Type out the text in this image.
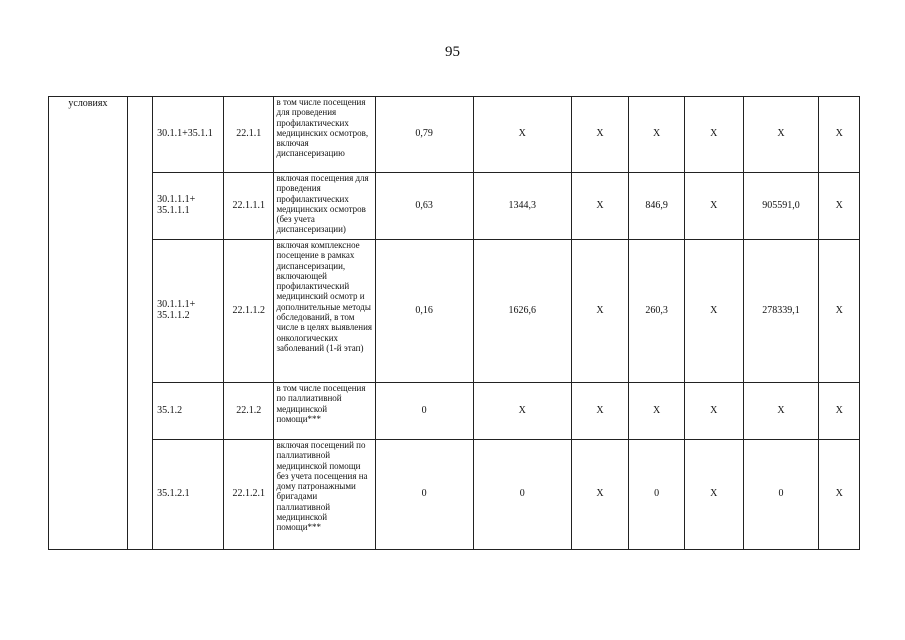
95
условиях		30.1.1+35.1.1	22.1.1	в том числе посещения для проведения профилактических медицинских осмотров, включая диспансеризацию	0,79	X	X	X	X	X	X
		30.1.1.1+ 35.1.1.1	22.1.1.1	включая посещения для проведения профилактических медицинских осмотров (без учета диспансеризации)	0,63	1344,3	X	846,9	X	905591,0	X
		30.1.1.1+ 35.1.1.2	22.1.1.2	включая комплексное посещение в рамках диспансеризации, включающей профилактический медицинский осмотр и дополнительные методы обследований, в том числе в целях выявления онкологических заболеваний (1-й этап)	0,16	1626,6	X	260,3	X	278339,1	X
		35.1.2	22.1.2	в том числе посещения по паллиативной медицинской помощи***	0	X	X	X	X	X	X
		35.1.2.1	22.1.2.1	включая посещений по паллиативной медицинской помощи без учета посещения на дому патронажными бригадами паллиативной медицинской помощи***	0	0	X	0	X	0	X
